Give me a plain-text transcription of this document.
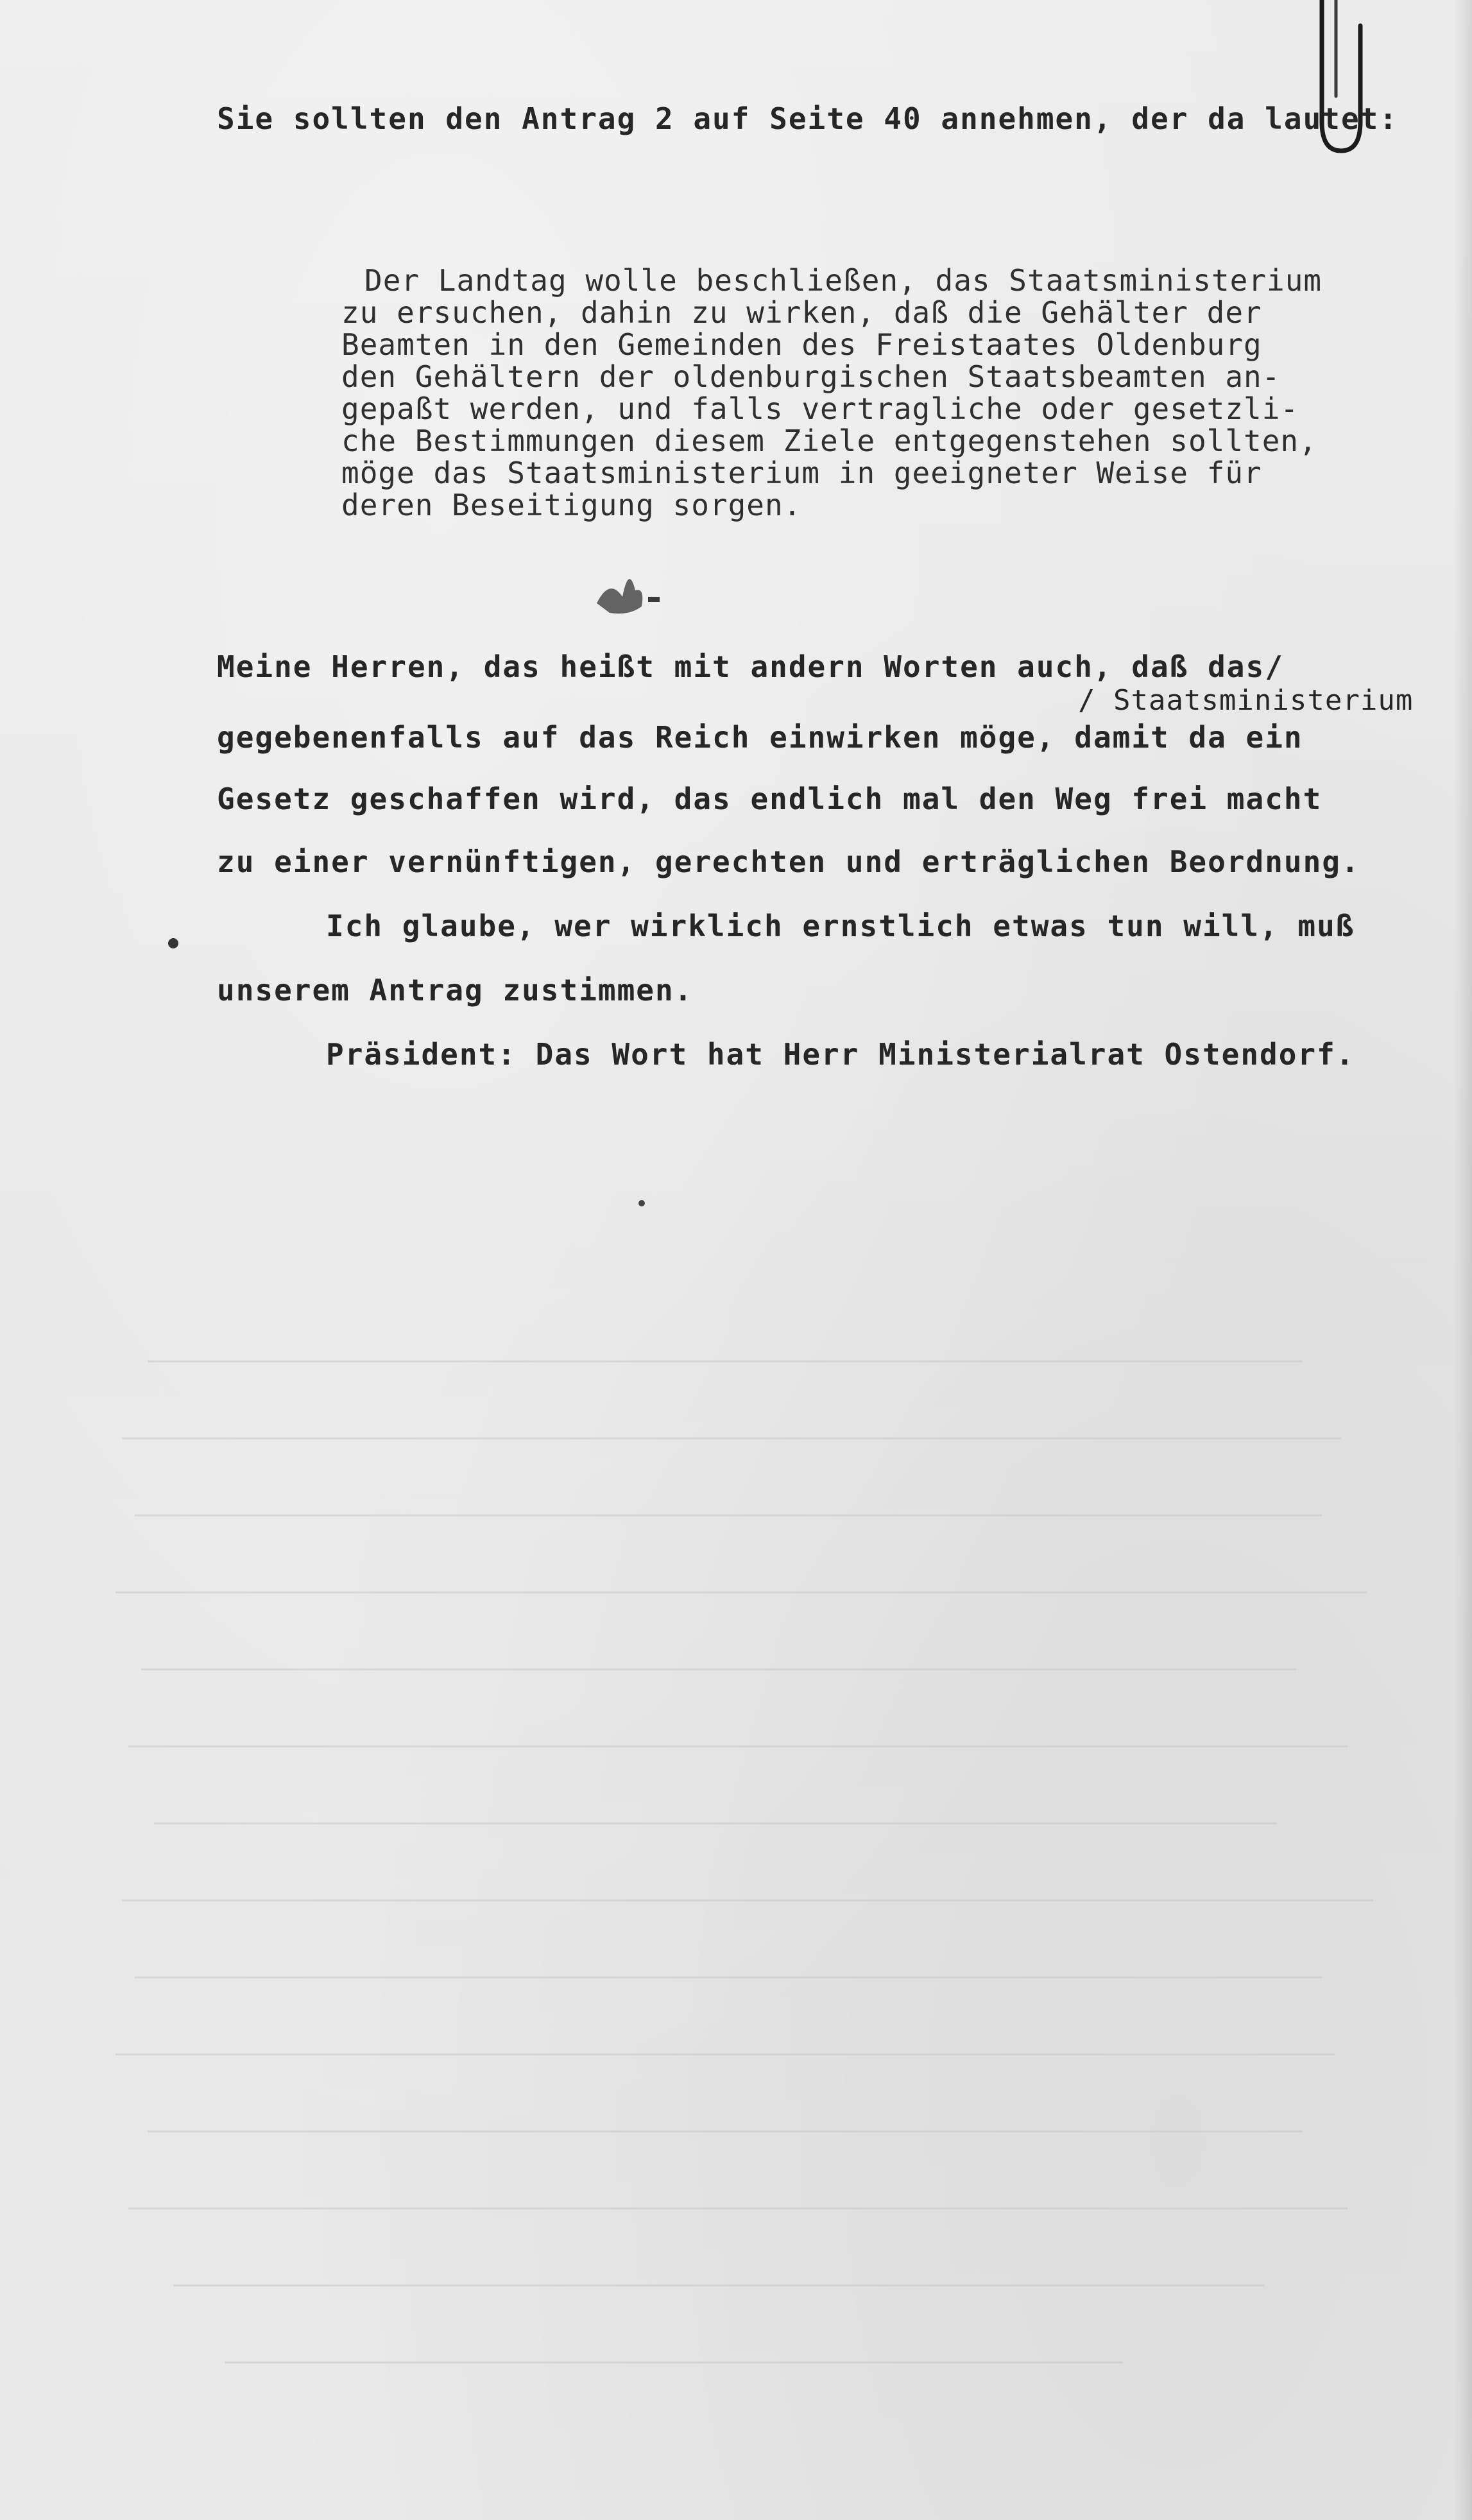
Sie sollten den Antrag 2 auf Seite 40 annehmen, der da lautet:
Der Landtag wolle beschließen, das Staatsministerium
zu ersuchen, dahin zu wirken, daß die Gehälter der
Beamten in den Gemeinden des Freistaates Oldenburg
den Gehältern der oldenburgischen Staatsbeamten an-
gepaßt werden, und falls vertragliche oder gesetzli-
che Bestimmungen diesem Ziele entgegenstehen sollten,
möge das Staatsministerium in geeigneter Weise für
deren Beseitigung sorgen.
Meine Herren, das heißt mit andern Worten auch, daß das/
/ Staatsministerium
gegebenenfalls auf das Reich einwirken möge, damit da ein
Gesetz geschaffen wird, das endlich mal den Weg frei macht
zu einer vernünftigen, gerechten und erträglichen Beordnung.
Ich glaube, wer wirklich ernstlich etwas tun will, muß
unserem Antrag zustimmen.
Präsident: Das Wort hat Herr Ministerialrat Ostendorf.
